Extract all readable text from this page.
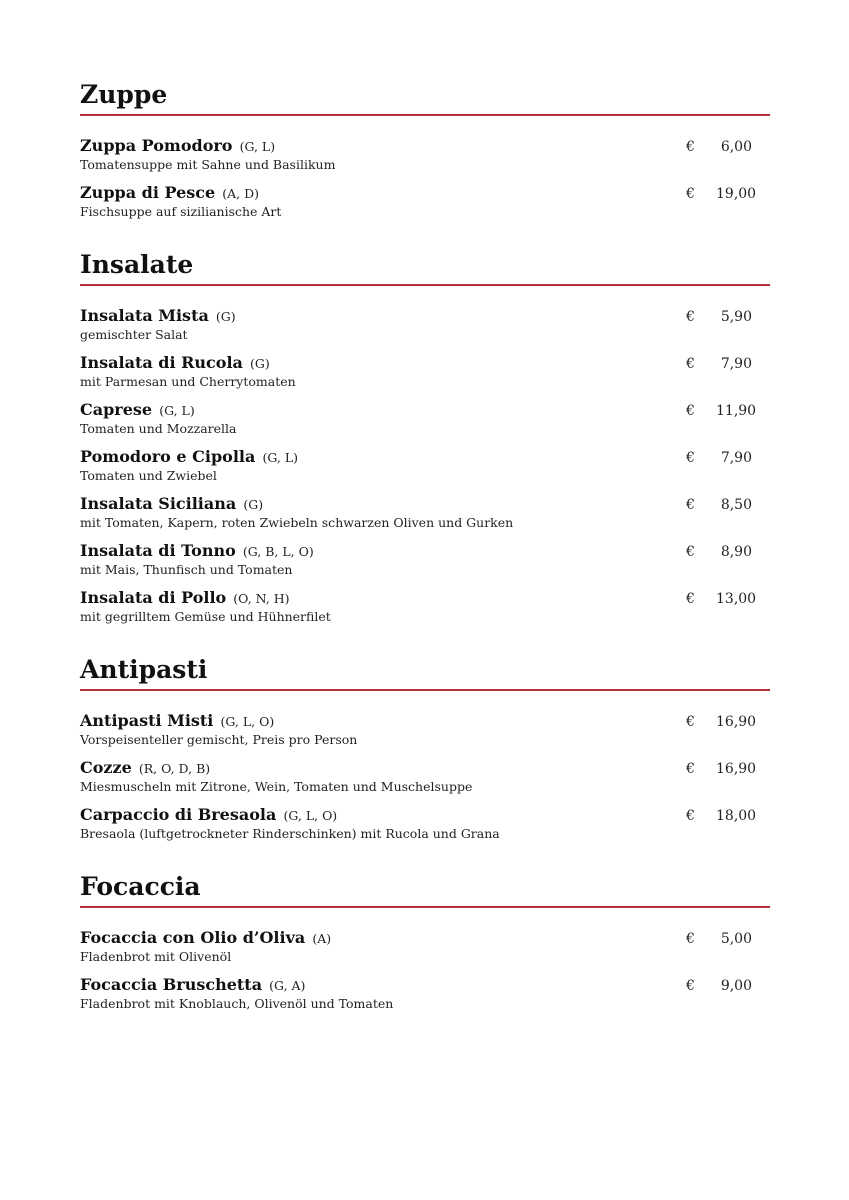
Zuppe
Zuppa Pomodoro (G, L)
Tomatensuppe mit Sahne und Basilikum
€ 6,00
Zuppa di Pesce (A, D)
Fischsuppe auf sizilianische Art
€ 19,00
Insalate
Insalata Mista (G)
gemischter Salat
€ 5,90
Insalata di Rucola (G)
mit Parmesan und Cherrytomaten
€ 7,90
Caprese (G, L)
Tomaten und Mozzarella
€ 11,90
Pomodoro e Cipolla (G, L)
Tomaten und Zwiebel
€ 7,90
Insalata Siciliana (G)
mit Tomaten, Kapern, roten Zwiebeln schwarzen Oliven und Gurken
€ 8,50
Insalata di Tonno (G, B, L, O)
mit Mais, Thunfisch und Tomaten
€ 8,90
Insalata di Pollo (O, N, H)
mit gegrilltem Gemüse und Hühnerfilet
€ 13,00
Antipasti
Antipasti Misti (G, L, O)
Vorspeisenteller gemischt, Preis pro Person
€ 16,90
Cozze (R, O, D, B)
Miesmuscheln mit Zitrone, Wein, Tomaten und Muschelsuppe
€ 16,90
Carpaccio di Bresaola (G, L, O)
Bresaola (luftgetrockneter Rinderschinken) mit Rucola und Grana
€ 18,00
Focaccia
Focaccia con Olio d’Oliva (A)
Fladenbrot mit Olivenöl
€ 5,00
Focaccia Bruschetta (G, A)
Fladenbrot mit Knoblauch, Olivenöl und Tomaten
€ 9,00
